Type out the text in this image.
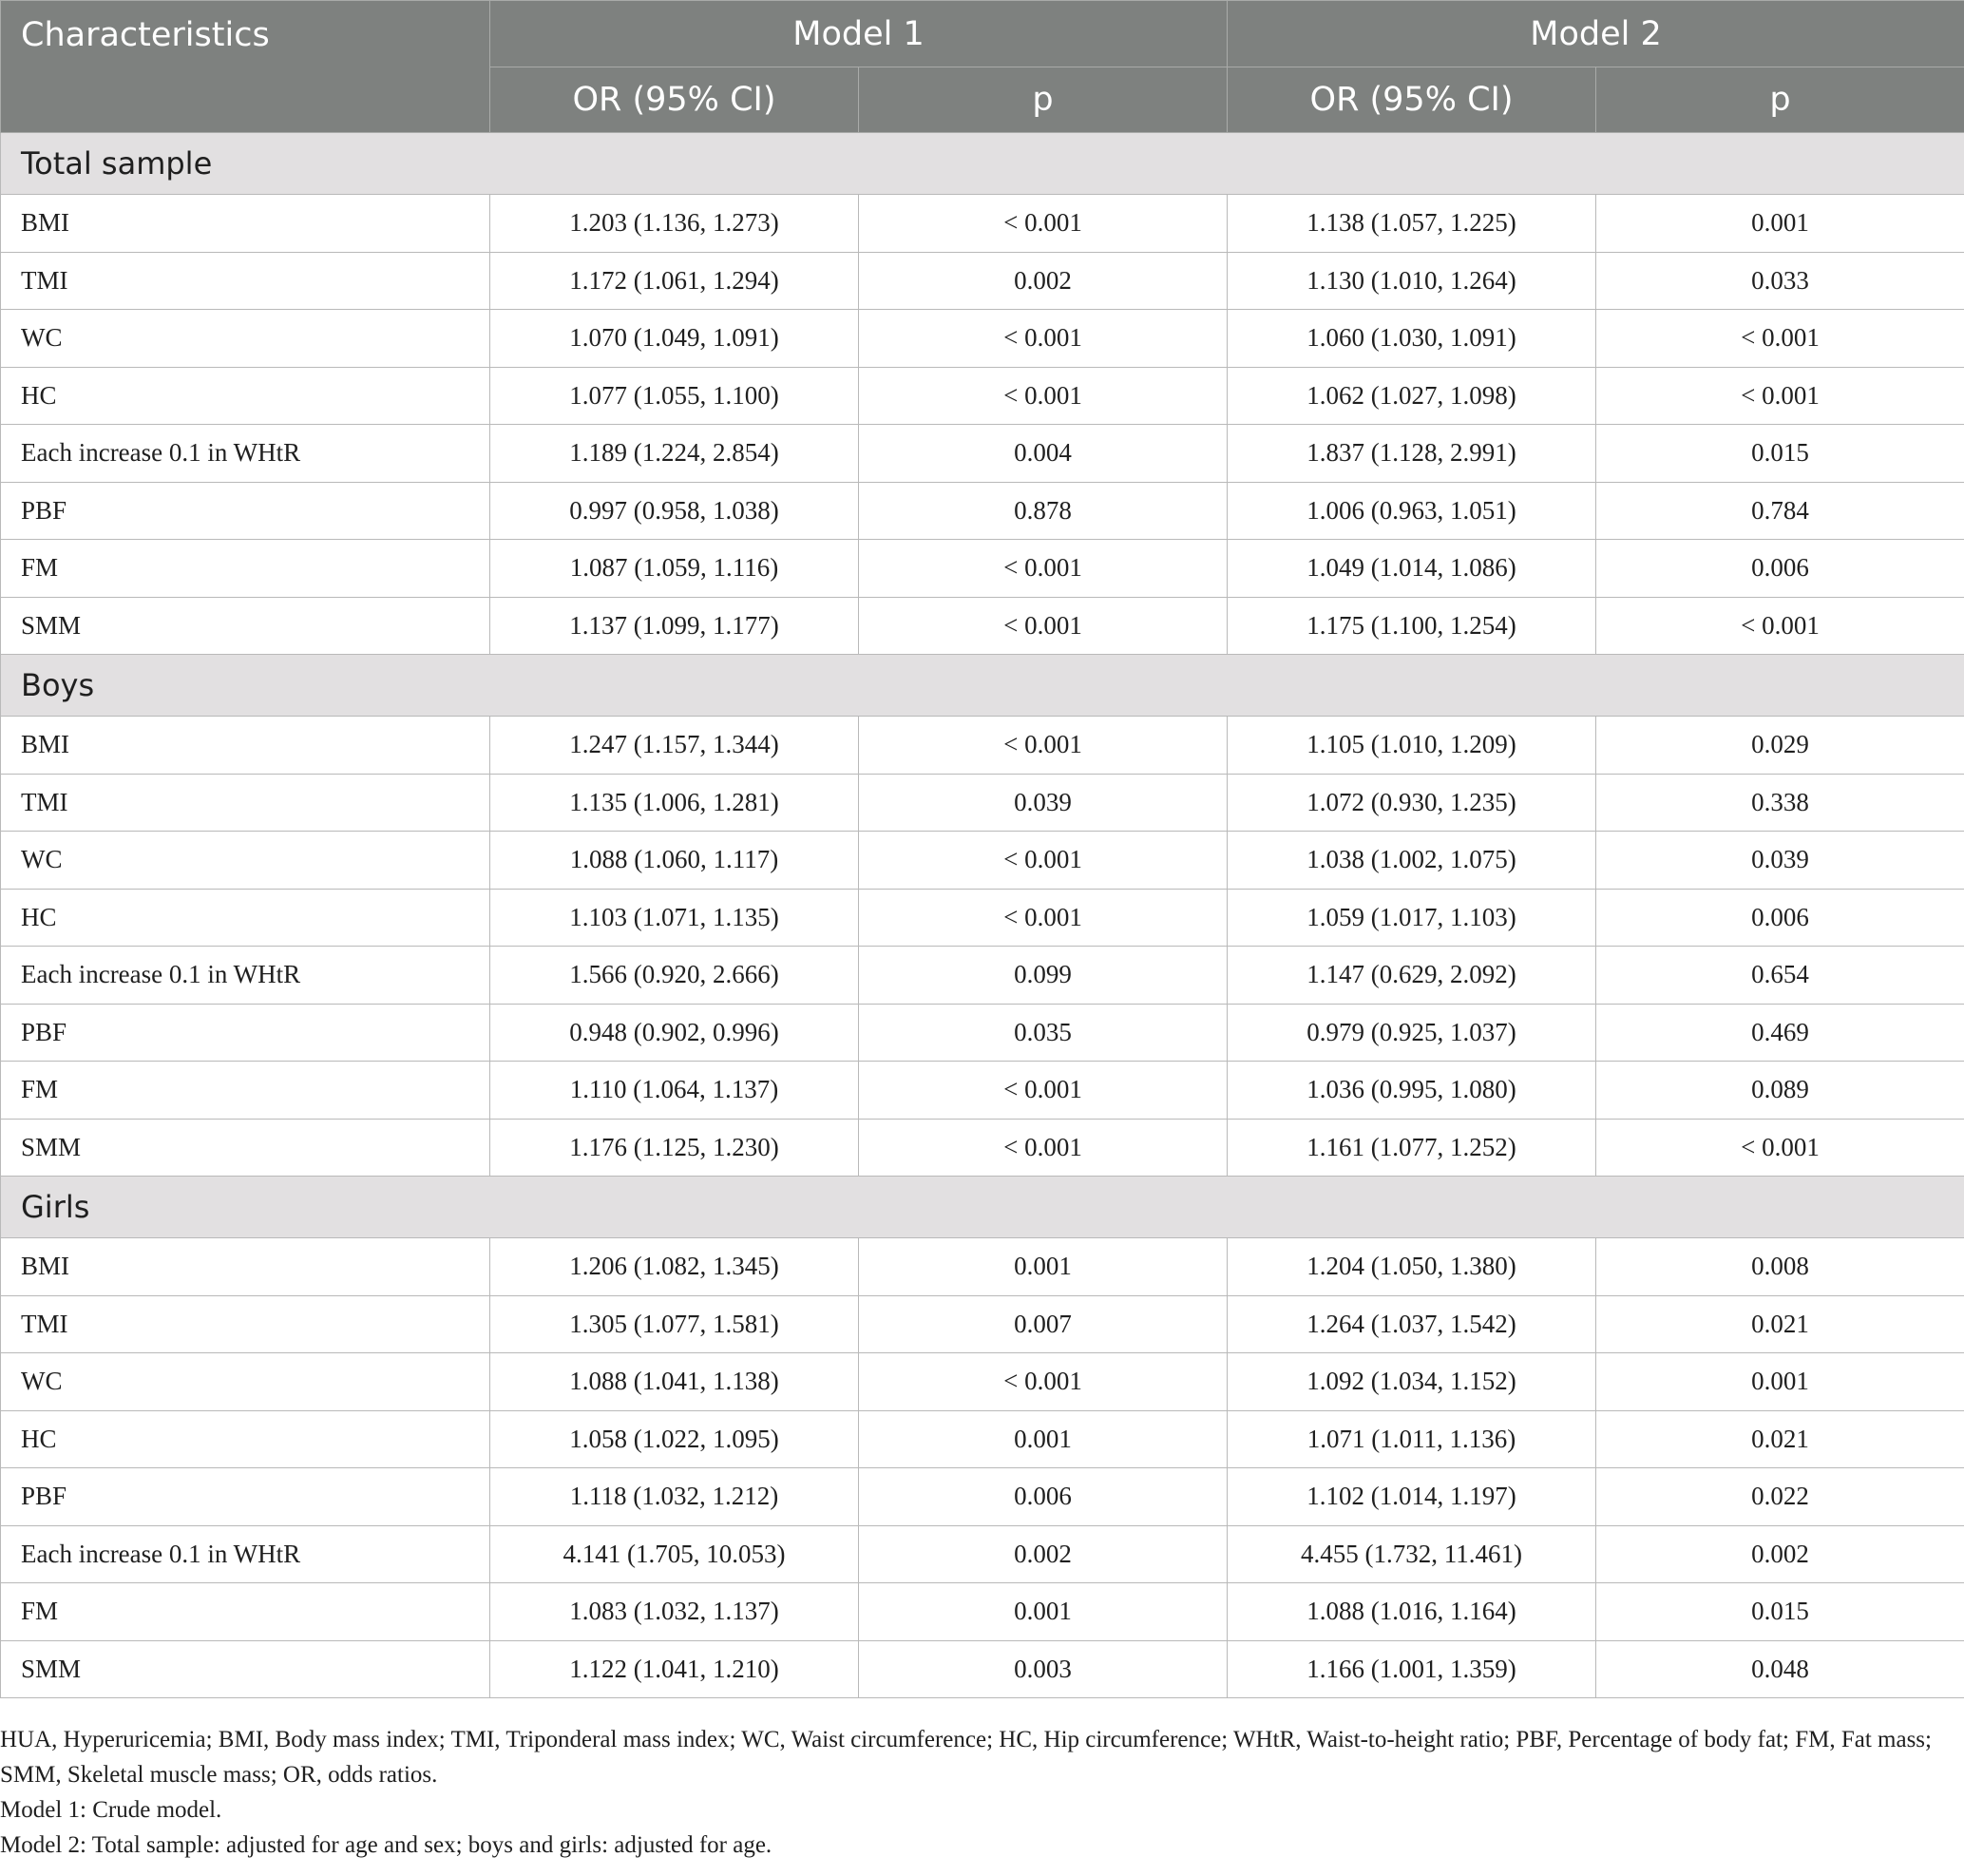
Characteristics	Model 1		Model 2	
	OR (95% CI)	p	OR (95% CI)	p
Total sample				
BMI	1.203 (1.136, 1.273)	< 0.001	1.138 (1.057, 1.225)	0.001
TMI	1.172 (1.061, 1.294)	0.002	1.130 (1.010, 1.264)	0.033
WC	1.070 (1.049, 1.091)	< 0.001	1.060 (1.030, 1.091)	< 0.001
HC	1.077 (1.055, 1.100)	< 0.001	1.062 (1.027, 1.098)	< 0.001
Each increase 0.1 in WHtR	1.189 (1.224, 2.854)	0.004	1.837 (1.128, 2.991)	0.015
PBF	0.997 (0.958, 1.038)	0.878	1.006 (0.963, 1.051)	0.784
FM	1.087 (1.059, 1.116)	< 0.001	1.049 (1.014, 1.086)	0.006
SMM	1.137 (1.099, 1.177)	< 0.001	1.175 (1.100, 1.254)	< 0.001
Boys				
BMI	1.247 (1.157, 1.344)	< 0.001	1.105 (1.010, 1.209)	0.029
TMI	1.135 (1.006, 1.281)	0.039	1.072 (0.930, 1.235)	0.338
WC	1.088 (1.060, 1.117)	< 0.001	1.038 (1.002, 1.075)	0.039
HC	1.103 (1.071, 1.135)	< 0.001	1.059 (1.017, 1.103)	0.006
Each increase 0.1 in WHtR	1.566 (0.920, 2.666)	0.099	1.147 (0.629, 2.092)	0.654
PBF	0.948 (0.902, 0.996)	0.035	0.979 (0.925, 1.037)	0.469
FM	1.110 (1.064, 1.137)	< 0.001	1.036 (0.995, 1.080)	0.089
SMM	1.176 (1.125, 1.230)	< 0.001	1.161 (1.077, 1.252)	< 0.001
Girls				
BMI	1.206 (1.082, 1.345)	0.001	1.204 (1.050, 1.380)	0.008
TMI	1.305 (1.077, 1.581)	0.007	1.264 (1.037, 1.542)	0.021
WC	1.088 (1.041, 1.138)	< 0.001	1.092 (1.034, 1.152)	0.001
HC	1.058 (1.022, 1.095)	0.001	1.071 (1.011, 1.136)	0.021
PBF	1.118 (1.032, 1.212)	0.006	1.102 (1.014, 1.197)	0.022
Each increase 0.1 in WHtR	4.141 (1.705, 10.053)	0.002	4.455 (1.732, 11.461)	0.002
FM	1.083 (1.032, 1.137)	0.001	1.088 (1.016, 1.164)	0.015
SMM	1.122 (1.041, 1.210)	0.003	1.166 (1.001, 1.359)	0.048

HUA, Hyperuricemia; BMI, Body mass index; TMI, Triponderal mass index; WC, Waist circumference; HC, Hip circumference; WHtR, Waist-to-height ratio; PBF, Percentage of body fat; FM, Fat mass; SMM, Skeletal muscle mass; OR, odds ratios.

Model 1: Crude model.

Model 2: Total sample: adjusted for age and sex; boys and girls: adjusted for age.
